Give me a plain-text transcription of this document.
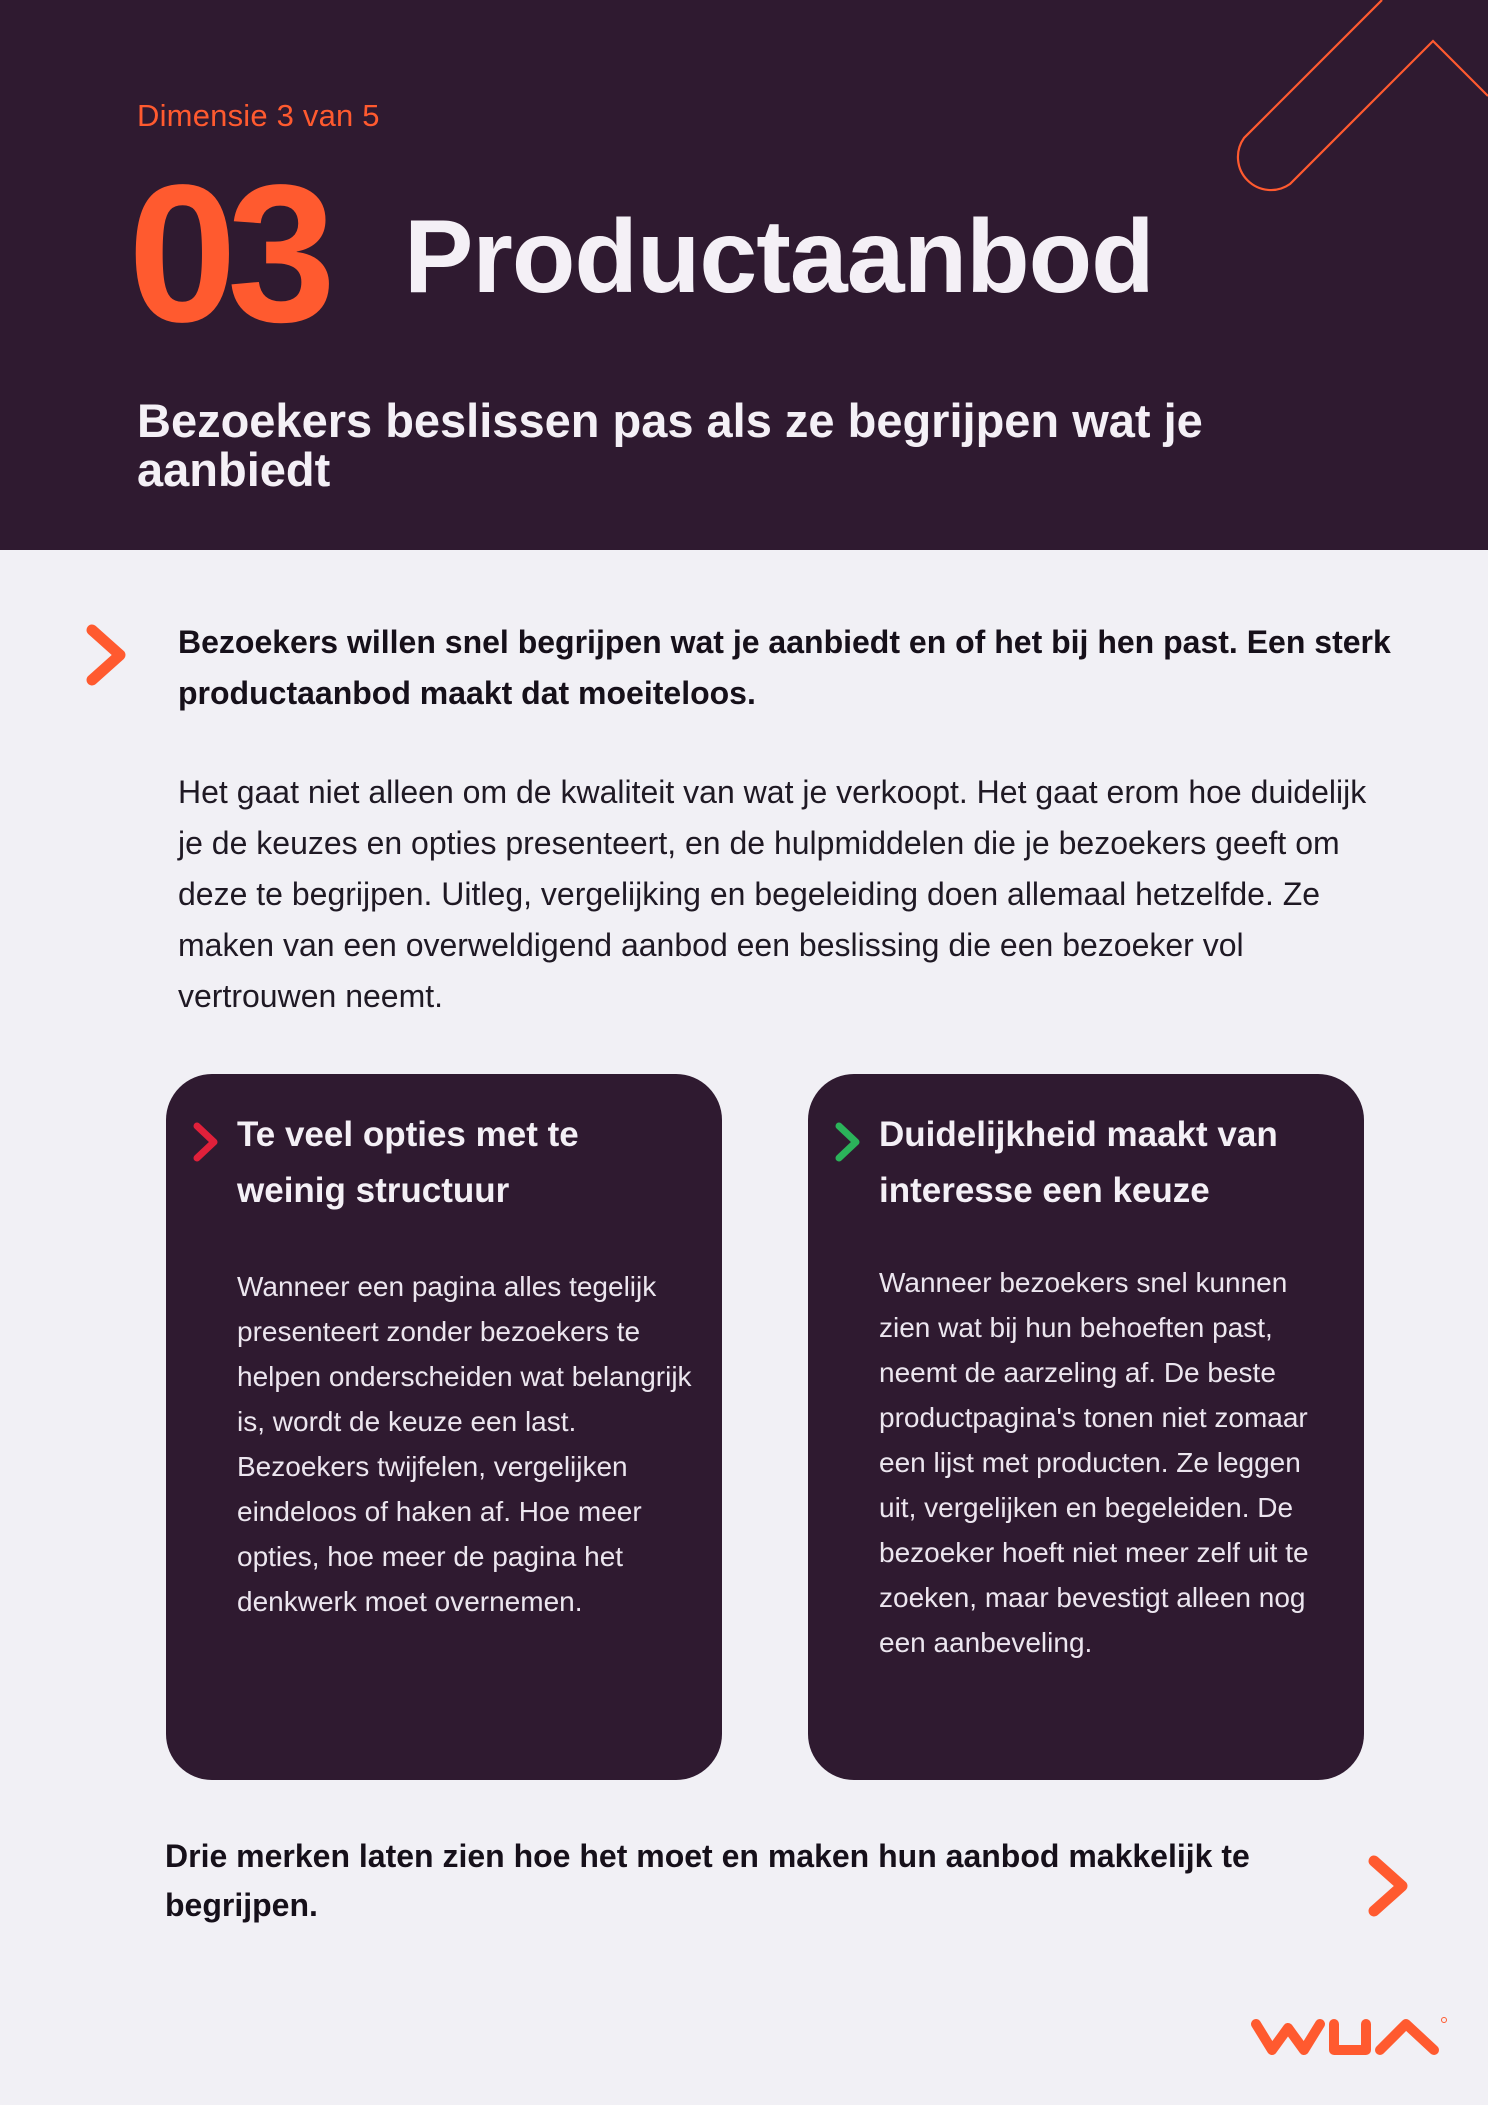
Dimensie 3 van 5
03 Productaanbod
Bezoekers beslissen pas als ze begrijpen wat je aanbiedt
Bezoekers willen snel begrijpen wat je aanbiedt en of het bij hen past. Een sterk productaanbod maakt dat moeiteloos.
Het gaat niet alleen om de kwaliteit van wat je verkoopt. Het gaat erom hoe duidelijk je de keuzes en opties presenteert, en de hulpmiddelen die je bezoekers geeft om deze te begrijpen. Uitleg, vergelijking en begeleiding doen allemaal hetzelfde. Ze maken van een overweldigend aanbod een beslissing die een bezoeker vol vertrouwen neemt.
Te veel opties met te weinig structuur
Wanneer een pagina alles tegelijk presenteert zonder bezoekers te helpen onderscheiden wat belangrijk is, wordt de keuze een last. Bezoekers twijfelen, vergelijken eindeloos of haken af. Hoe meer opties, hoe meer de pagina het denkwerk moet overnemen.
Duidelijkheid maakt van interesse een keuze
Wanneer bezoekers snel kunnen zien wat bij hun behoeften past, neemt de aarzeling af. De beste productpagina's tonen niet zomaar een lijst met producten. Ze leggen uit, vergelijken en begeleiden. De bezoeker hoeft niet meer zelf uit te zoeken, maar bevestigt alleen nog een aanbeveling.
Drie merken laten zien hoe het moet en maken hun aanbod makkelijk te begrijpen.
